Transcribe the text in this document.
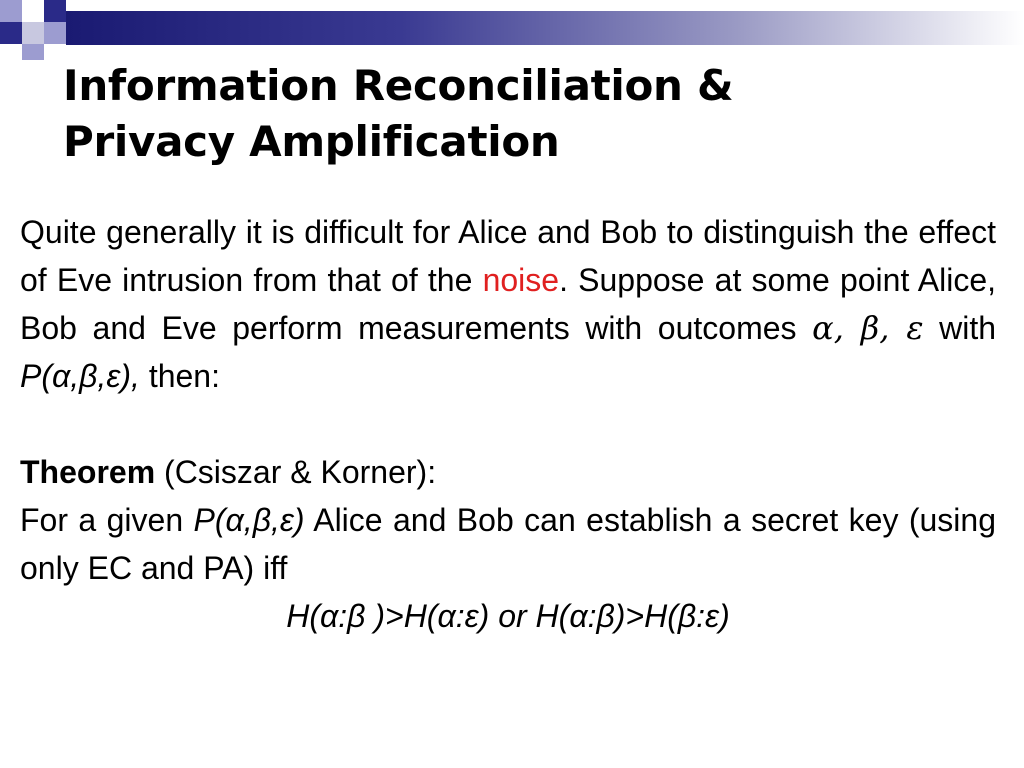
Information Reconciliation &
Privacy Amplification

Quite generally it is difficult for Alice and Bob to distinguish the effect of Eve intrusion from that of the noise. Suppose at some point Alice, Bob and Eve perform measurements with outcomes α, β, ε with P(α,β,ε), then:

Theorem (Csiszar & Korner):

For a given P(α,β,ε) Alice and Bob can establish a secret key (using only EC and PA) iff

H(α:β )>H(α:ε) or H(α:β)>H(β:ε)
